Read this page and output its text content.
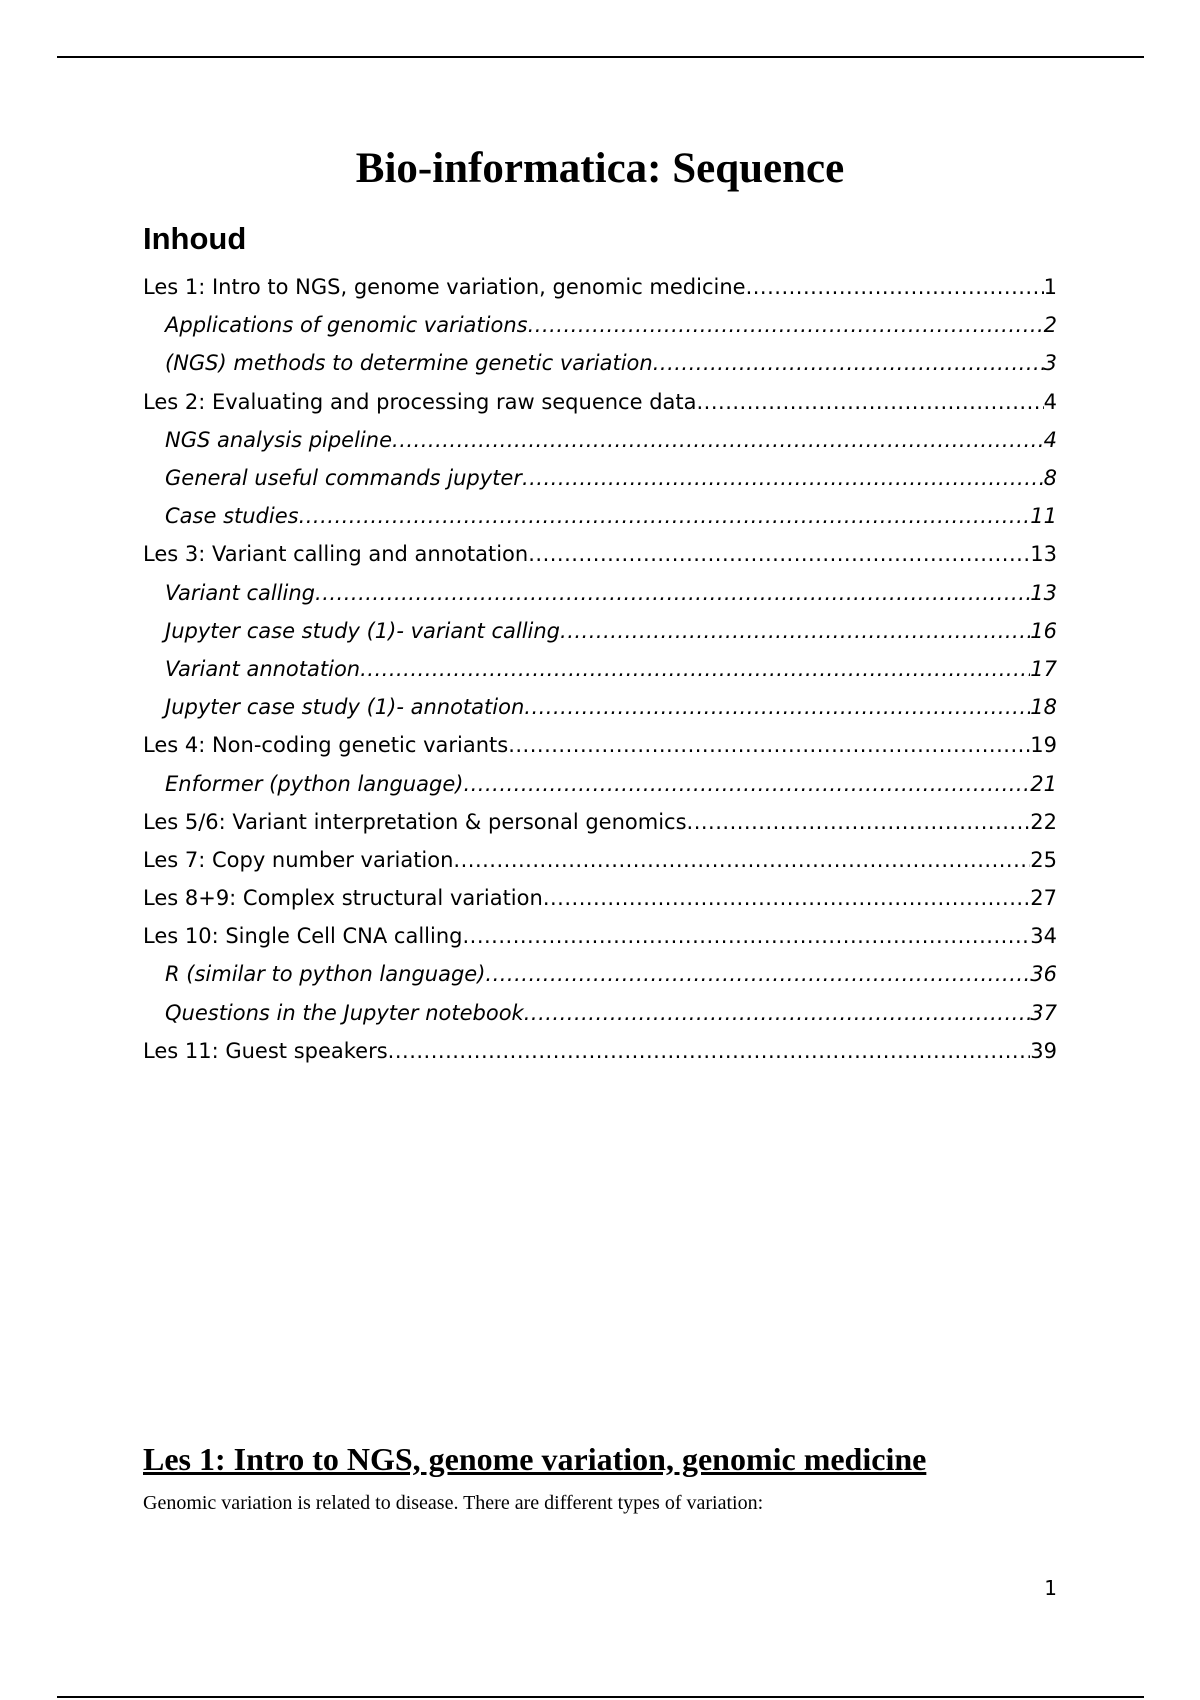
Bio-informatica: Sequence
Inhoud
Les 1: Intro to NGS, genome variation, genomic medicine .....	1
Applications of genomic variations .....	2
(NGS) methods to determine genetic variation .....	3
Les 2: Evaluating and processing raw sequence data .....	4
NGS analysis pipeline .....	4
General useful commands jupyter .....	8
Case studies .....	11
Les 3: Variant calling and annotation .....	13
Variant calling .....	13
Jupyter case study (1)- variant calling .....	16
Variant annotation .....	17
Jupyter case study (1)- annotation .....	18
Les 4: Non-coding genetic variants .....	19
Enformer (python language) .....	21
Les 5/6: Variant interpretation & personal genomics .....	22
Les 7: Copy number variation .....	25
Les 8+9: Complex structural variation .....	27
Les 10: Single Cell CNA calling .....	34
R (similar to python language) .....	36
Questions in the Jupyter notebook .....	37
Les 11: Guest speakers .....	39
Les 1: Intro to NGS, genome variation, genomic medicine

Genomic variation is related to disease. There are different types of variation:

1
